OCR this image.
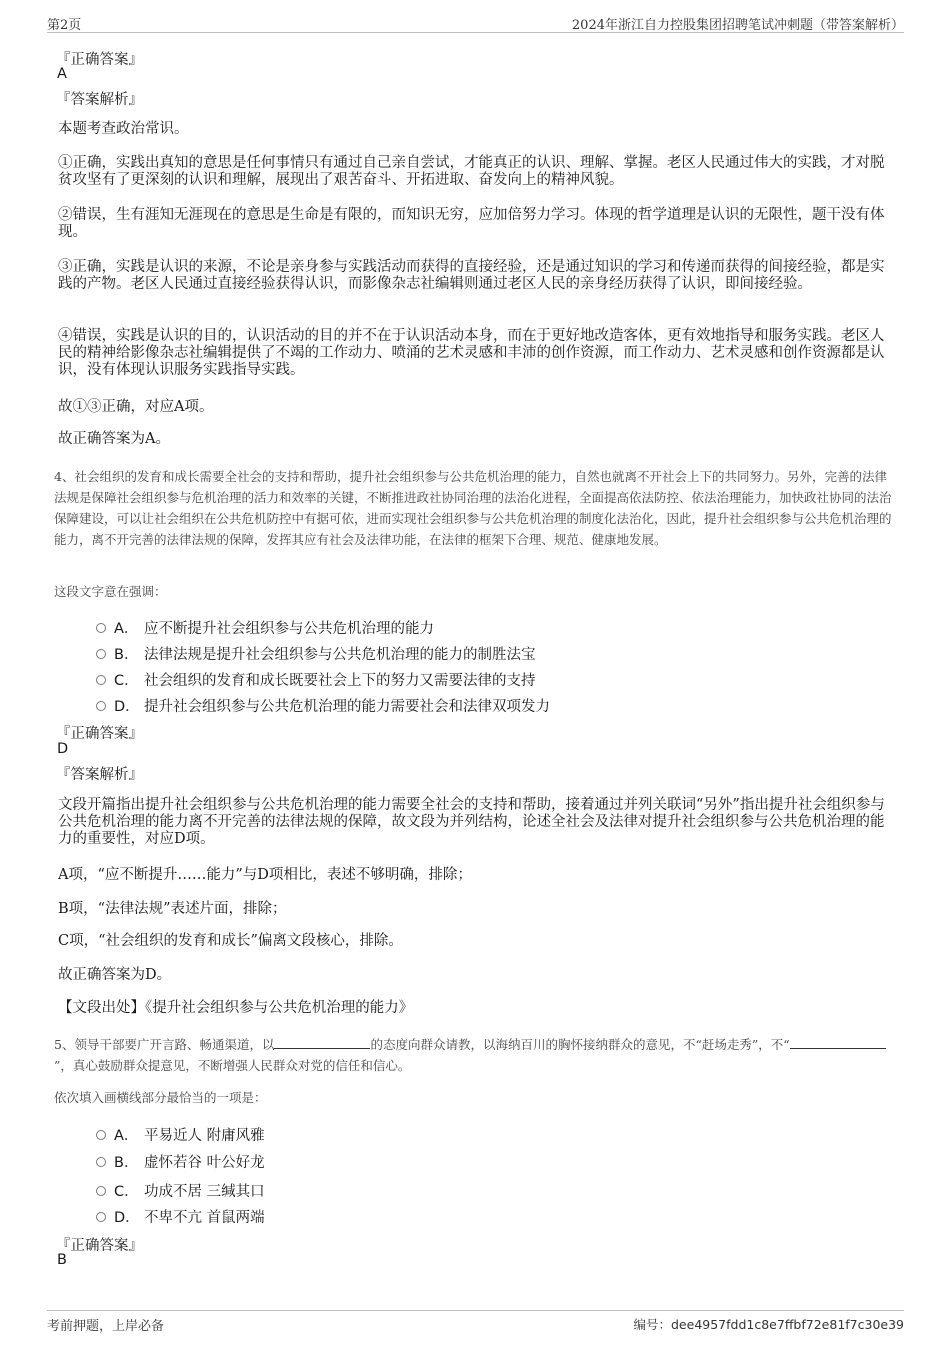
第2页	2024年浙江自力控股集团招聘笔试冲刺题（带答案解析）
『正确答案』
A
『答案解析』
本题考查政治常识。
①正确，实践出真知的意思是任何事情只有通过自己亲自尝试，才能真正的认识、理解、掌握。老区人民通过伟大的实践，才对脱贫攻坚有了更深刻的认识和理解，展现出了艰苦奋斗、开拓进取、奋发向上的精神风貌。
②错误，生有涯知无涯现在的意思是生命是有限的，而知识无穷，应加倍努力学习。体现的哲学道理是认识的无限性，题干没有体现。
③正确，实践是认识的来源，不论是亲身参与实践活动而获得的直接经验，还是通过知识的学习和传递而获得的间接经验，都是实践的产物。老区人民通过直接经验获得认识，而影像杂志社编辑则通过老区人民的亲身经历获得了认识，即间接经验。
④错误，实践是认识的目的，认识活动的目的并不在于认识活动本身，而在于更好地改造客体，更有效地指导和服务实践。老区人民的精神给影像杂志社编辑提供了不竭的工作动力、喷涌的艺术灵感和丰沛的创作资源，而工作动力、艺术灵感和创作资源都是认识，没有体现认识服务实践指导实践。
故①③正确，对应A项。
故正确答案为A。
4、社会组织的发育和成长需要全社会的支持和帮助，提升社会组织参与公共危机治理的能力，自然也就离不开社会上下的共同努力。另外，完善的法律法规是保障社会组织参与危机治理的活力和效率的关键，不断推进政社协同治理的法治化进程，全面提高依法防控、依法治理能力，加快政社协同的法治保障建设，可以让社会组织在公共危机防控中有据可依，进而实现社会组织参与公共危机治理的制度化法治化，因此，提升社会组织参与公共危机治理的能力，离不开完善的法律法规的保障，发挥其应有社会及法律功能，在法律的框架下合理、规范、健康地发展。
这段文字意在强调：
A． 应不断提升社会组织参与公共危机治理的能力
B． 法律法规是提升社会组织参与公共危机治理的能力的制胜法宝
C． 社会组织的发育和成长既要社会上下的努力又需要法律的支持
D． 提升社会组织参与公共危机治理的能力需要社会和法律双项发力
『正确答案』
D
『答案解析』
文段开篇指出提升社会组织参与公共危机治理的能力需要全社会的支持和帮助，接着通过并列关联词“另外”指出提升社会组织参与公共危机治理的能力离不开完善的法律法规的保障，故文段为并列结构，论述全社会及法律对提升社会组织参与公共危机治理的能力的重要性，对应D项。
A项，“应不断提升……能力”与D项相比，表述不够明确，排除；
B项，“法律法规”表述片面，排除；
C项，“社会组织的发育和成长”偏离文段核心，排除。
故正确答案为D。
【文段出处】《提升社会组织参与公共危机治理的能力》
5、领导干部要广开言路、畅通渠道，以	的态度向群众请教，以海纳百川的胸怀接纳群众的意见，不“赶场走秀”，不“”，真心鼓励群众提意见，不断增强人民群众对党的信任和信心。
依次填入画横线部分最恰当的一项是：
A． 平易近人 附庸风雅
B． 虚怀若谷 叶公好龙
C． 功成不居 三缄其口
D． 不卑不亢 首鼠两端
『正确答案』
B
考前押题，上岸必备	编号：dee4957fdd1c8e7ffbf72e81f7c30e39
